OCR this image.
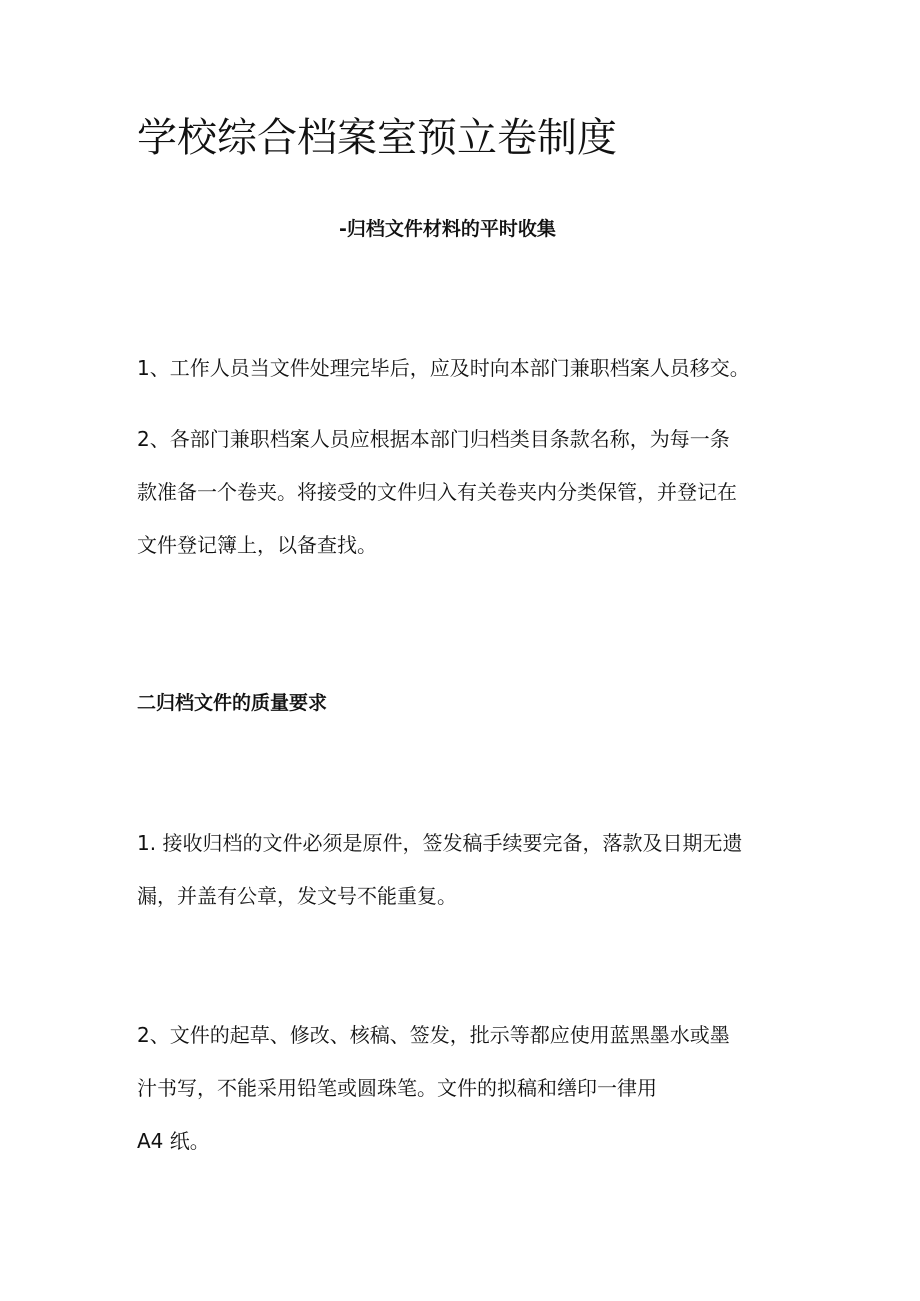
学校综合档案室预立卷制度
-归档文件材料的平时收集

1、工作人员当文件处理完毕后，应及时向本部门兼职档案人员移交。

2、各部门兼职档案人员应根据本部门归档类目条款名称，为每一条
款准备一个卷夹。将接受的文件归入有关卷夹内分类保管，并登记在
文件登记簿上，以备查找。

二归档文件的质量要求

1. 接收归档的文件必须是原件，签发稿手续要完备，落款及日期无遗
漏，并盖有公章，发文号不能重复。

2、文件的起草、修改、核稿、签发，批示等都应使用蓝黑墨水或墨
汁书写，不能采用铅笔或圆珠笔。文件的拟稿和缮印一律用
A4 纸。
